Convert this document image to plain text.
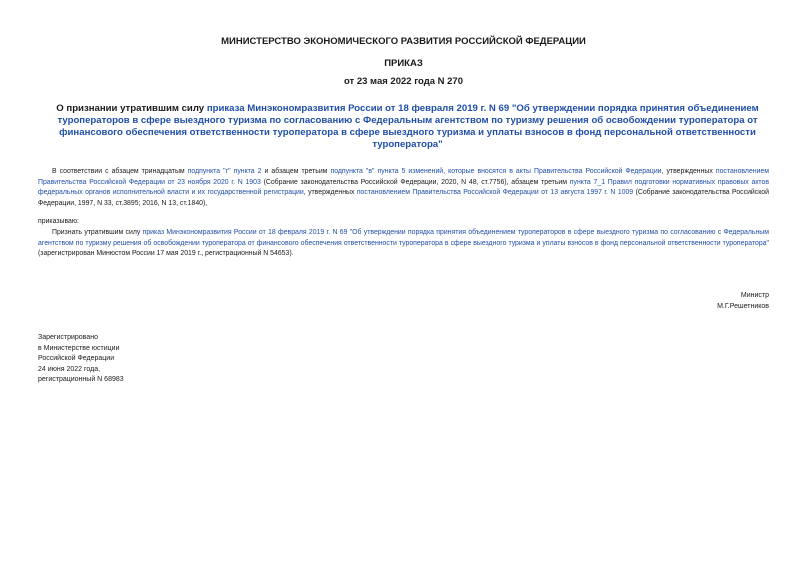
МИНИСТЕРСТВО ЭКОНОМИЧЕСКОГО РАЗВИТИЯ РОССИЙСКОЙ ФЕДЕРАЦИИ
ПРИКАЗ
от 23 мая 2022 года N 270
О признании утратившим силу приказа Минэкономразвития России от 18 февраля 2019 г. N 69 "Об утверждении порядка принятия объединением туроператоров в сфере выездного туризма по согласованию с Федеральным агентством по туризму решения об освобождении туроператора от финансового обеспечения ответственности туроператора в сфере выездного туризма и уплаты взносов в фонд персональной ответственности туроператора"
В соответствии с абзацем тринадцатым подпункта "г" пункта 2 и абзацем третьим подпункта "в" пункта 5 изменений, которые вносятся в акты Правительства Российской Федерации, утвержденных постановлением Правительства Российской Федерации от 23 ноября 2020 г. N 1903 (Собрание законодательства Российской Федерации, 2020, N 48, ст.7756), абзацем третьим пункта 7_1 Правил подготовки нормативных правовых актов федеральных органов исполнительной власти и их государственной регистрации, утвержденных постановлением Правительства Российской Федерации от 13 августа 1997 г. N 1009 (Собрание законодательства Российской Федерации, 1997, N 33, ст.3895; 2016, N 13, ст.1840),
приказываю:
Признать утратившим силу приказ Минэкономразвития России от 18 февраля 2019 г. N 69 "Об утверждении порядка принятия объединением туроператоров в сфере выездного туризма по согласованию с Федеральным агентством по туризму решения об освобождении туроператора от финансового обеспечения ответственности туроператора в сфере выездного туризма и уплаты взносов в фонд персональной ответственности туроператора" (зарегистрирован Минюстом России 17 мая 2019 г., регистрационный N 54653).
Министр
М.Г.Решетников
Зарегистрировано
в Министерстве юстиции
Российской Федерации
24 июня 2022 года,
регистрационный N 68983
